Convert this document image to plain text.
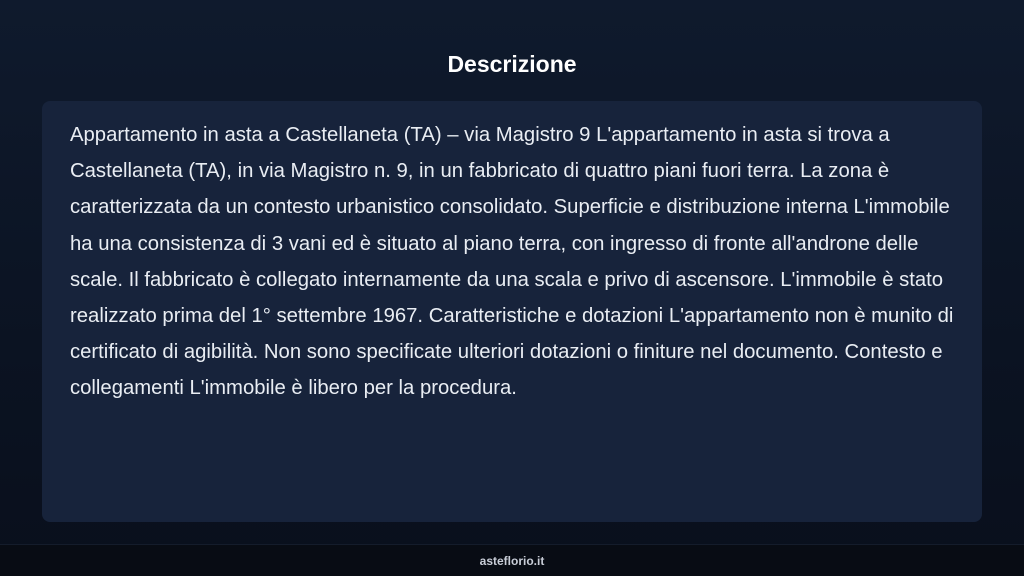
Descrizione

Appartamento in asta a Castellaneta (TA) – via Magistro 9 L'appartamento in asta si trova a Castellaneta (TA), in via Magistro n. 9, in un fabbricato di quattro piani fuori terra. La zona è caratterizzata da un contesto urbanistico consolidato. Superficie e distribuzione interna L'immobile ha una consistenza di 3 vani ed è situato al piano terra, con ingresso di fronte all'androne delle scale. Il fabbricato è collegato internamente da una scala e privo di ascensore. L'immobile è stato realizzato prima del 1° settembre 1967. Caratteristiche e dotazioni L'appartamento non è munito di certificato di agibilità. Non sono specificate ulteriori dotazioni o finiture nel documento. Contesto e collegamenti L'immobile è libero per la procedura.

asteflorio.it
